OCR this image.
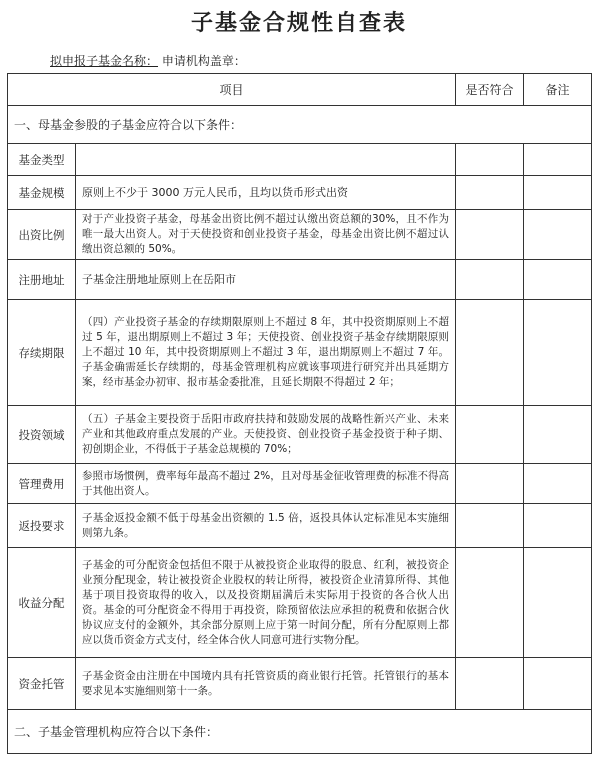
子基金合规性自查表
拟申报子基金名称： 申请机构盖章：
项目		是否符合	备注
一、母基金参股的子基金应符合以下条件：			
基金类型			
基金规模	原则上不少于 3000 万元人民币，且均以货币形式出资		
出资比例	对于产业投资子基金，母基金出资比例不超过认缴出资总额的30%，且不作为唯一最大出资人。对于天使投资和创业投资子基金，母基金出资比例不超过认缴出资总额的 50%。		
注册地址	子基金注册地址原则上在岳阳市		
存续期限	（四）产业投资子基金的存续期限原则上不超过 8 年，其中投资期原则上不超过 5 年，退出期原则上不超过 3 年；天使投资、创业投资子基金存续期限原则上不超过 10 年，其中投资期原则上不超过 3 年，退出期原则上不超过 7 年。子基金确需延长存续期的，母基金管理机构应就该事项进行研究并出具延期方案，经市基金办初审、报市基金委批准，且延长期限不得超过 2 年；		
投资领域	（五）子基金主要投资于岳阳市政府扶持和鼓励发展的战略性新兴产业、未来产业和其他政府重点发展的产业。天使投资、创业投资子基金投资于种子期、初创期企业，不得低于子基金总规模的 70%；		
管理费用	参照市场惯例，费率每年最高不超过 2%，且对母基金征收管理费的标准不得高于其他出资人。		
返投要求	子基金返投金额不低于母基金出资额的 1.5 倍，返投具体认定标准见本实施细则第九条。		
收益分配	子基金的可分配资金包括但不限于从被投资企业取得的股息、红利，被投资企业预分配现金，转让被投资企业股权的转让所得，被投资企业清算所得、其他基于项目投资取得的收入，以及投资期届满后未实际用于投资的各合伙人出资。基金的可分配资金不得用于再投资，除预留依法应承担的税费和依据合伙协议应支付的金额外，其余部分原则上应于第一时间分配，所有分配原则上都应以货币资金方式支付，经全体合伙人同意可进行实物分配。		
资金托管	子基金资金由注册在中国境内具有托管资质的商业银行托管。托管银行的基本要求见本实施细则第十一条。		
二、子基金管理机构应符合以下条件：			
